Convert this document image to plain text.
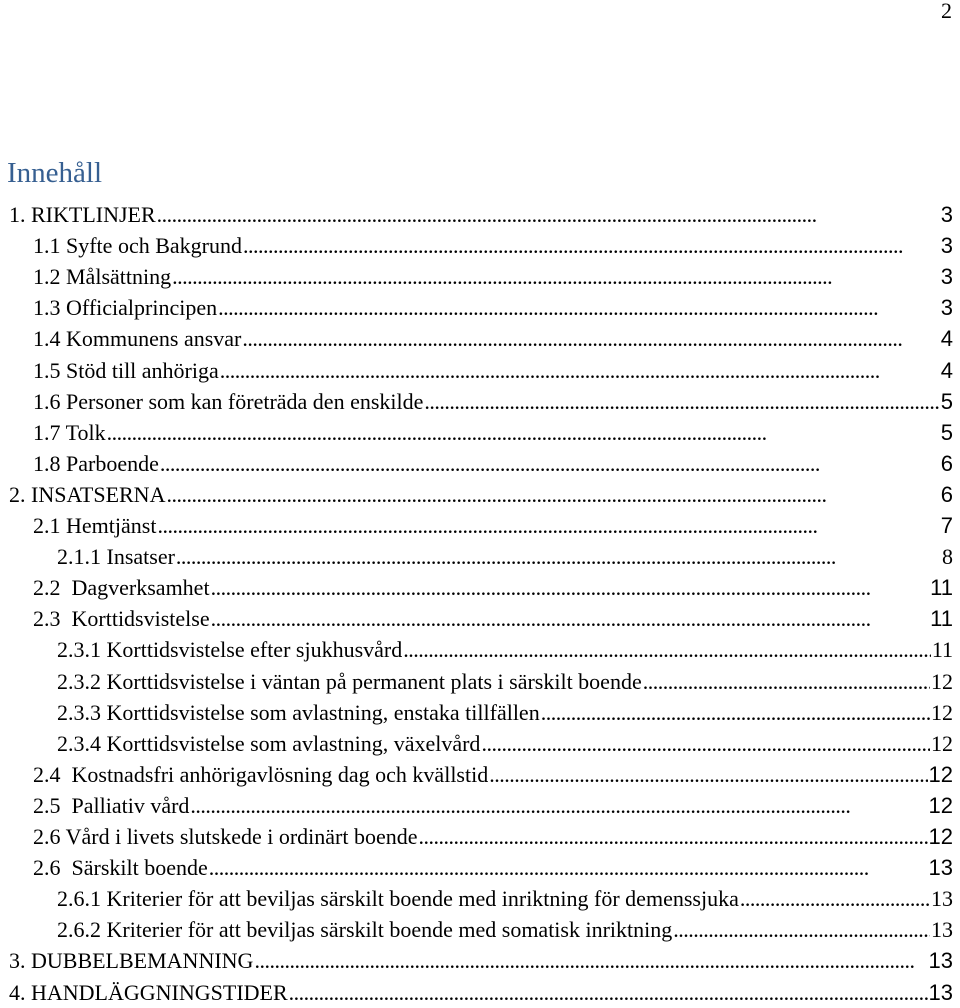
2
Innehåll
1. RIKTLINJER . . .	3
1.1 Syfte och Bakgrund . . .	3
1.2 Målsättning . . .	3
1.3 Officialprincipen . . .	3
1.4 Kommunens ansvar . . .	4
1.5 Stöd till anhöriga . . .	4
1.6 Personer som kan företräda den enskilde . . .	5
1.7 Tolk . . .	5
1.8 Parboende . . .	6
2. INSATSERNA . . .	6
2.1 Hemtjänst . . .	7
2.1.1 Insatser . . .	8
2.2  Dagverksamhet . . .	11
2.3  Korttidsvistelse . . .	11
2.3.1 Korttidsvistelse efter sjukhusvård . . .	11
2.3.2 Korttidsvistelse i väntan på permanent plats i särskilt boende . . .	12
2.3.3 Korttidsvistelse som avlastning, enstaka tillfällen . . .	12
2.3.4 Korttidsvistelse som avlastning, växelvård . . .	12
2.4  Kostnadsfri anhörigavlösning dag och kvällstid . . .	12
2.5  Palliativ vård . . .	12
2.6 Vård i livets slutskede i ordinärt boende . . .	12
2.6  Särskilt boende . . .	13
2.6.1 Kriterier för att beviljas särskilt boende med inriktning för demenssjuka . . .	13
2.6.2 Kriterier för att beviljas särskilt boende med somatisk inriktning . . .	13
3. DUBBELBEMANNING . . .	13
4. HANDLÄGGNINGSTIDER . . .	13
